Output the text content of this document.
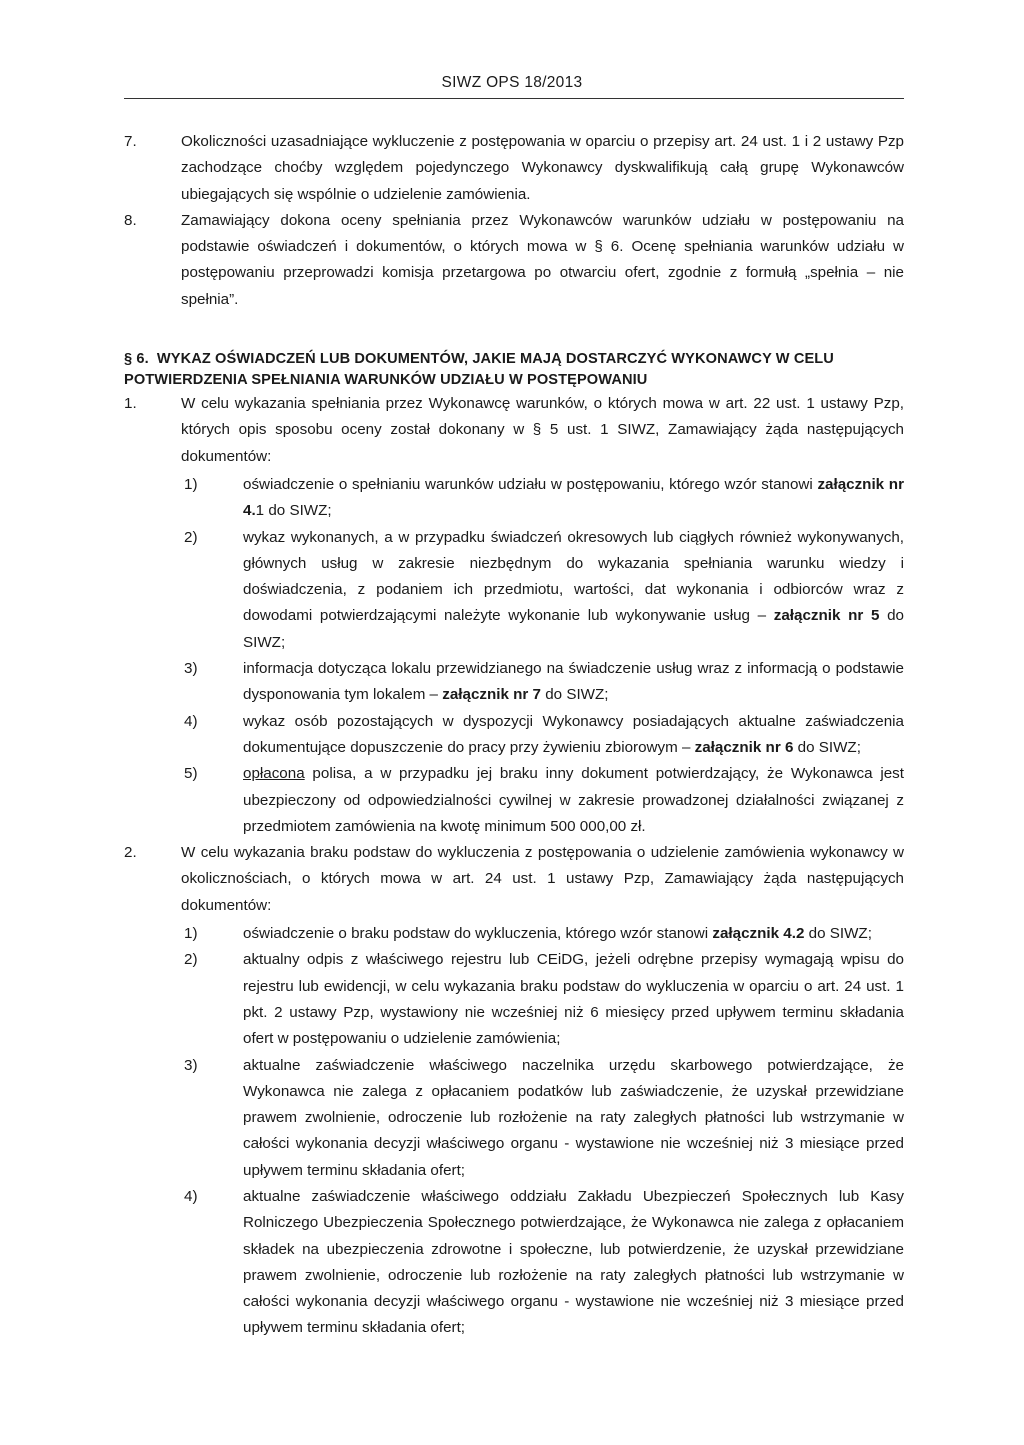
SIWZ OPS 18/2013
7.	Okoliczności uzasadniające wykluczenie z postępowania w oparciu o przepisy art. 24 ust. 1 i 2 ustawy Pzp zachodzące choćby względem pojedynczego Wykonawcy dyskwalifikują całą grupę Wykonawców ubiegających się wspólnie o udzielenie zamówienia.
8.	Zamawiający dokona oceny spełniania przez Wykonawców warunków udziału w postępowaniu na podstawie oświadczeń i dokumentów, o których mowa w § 6. Ocenę spełniania warunków udziału w postępowaniu przeprowadzi komisja przetargowa po otwarciu ofert, zgodnie z formułą „spełnia – nie spełnia”.
§ 6. WYKAZ OŚWIADCZEŃ LUB DOKUMENTÓW, JAKIE MAJĄ DOSTARCZYĆ WYKONAWCY W CELU POTWIERDZENIA SPEŁNIANIA WARUNKÓW UDZIAŁU W POSTĘPOWANIU
1.	W celu wykazania spełniania przez Wykonawcę warunków, o których mowa w art. 22 ust. 1 ustawy Pzp, których opis sposobu oceny został dokonany w § 5 ust. 1 SIWZ, Zamawiający żąda następujących dokumentów:
1)	oświadczenie o spełnianiu warunków udziału w postępowaniu, którego wzór stanowi załącznik nr 4.1 do SIWZ;
2)	wykaz wykonanych, a w przypadku świadczeń okresowych lub ciągłych również wykonywanych, głównych usług w zakresie niezbędnym do wykazania spełniania warunku wiedzy i doświadczenia, z podaniem ich przedmiotu, wartości, dat wykonania i odbiorców wraz z dowodami potwierdzającymi należyte wykonanie lub wykonywanie usług – załącznik nr 5 do SIWZ;
3)	informacja dotycząca lokalu przewidzianego na świadczenie usług wraz z informacją o podstawie dysponowania tym lokalem – załącznik nr 7 do SIWZ;
4)	wykaz osób pozostających w dyspozycji Wykonawcy posiadających aktualne zaświadczenia dokumentujące dopuszczenie do pracy przy żywieniu zbiorowym – załącznik nr 6 do SIWZ;
5)	opłacona polisa, a w przypadku jej braku inny dokument potwierdzający, że Wykonawca jest ubezpieczony od odpowiedzialności cywilnej w zakresie prowadzonej działalności związanej z przedmiotem zamówienia na kwotę minimum 500 000,00 zł.
2.	W celu wykazania braku podstaw do wykluczenia z postępowania o udzielenie zamówienia wykonawcy w okolicznościach, o których mowa w art. 24 ust. 1 ustawy Pzp, Zamawiający żąda następujących dokumentów:
1)	oświadczenie o braku podstaw do wykluczenia, którego wzór stanowi załącznik 4.2 do SIWZ;
2)	aktualny odpis z właściwego rejestru lub CEiDG, jeżeli odrębne przepisy wymagają wpisu do rejestru lub ewidencji, w celu wykazania braku podstaw do wykluczenia w oparciu o art. 24 ust. 1 pkt. 2 ustawy Pzp, wystawiony nie wcześniej niż 6 miesięcy przed upływem terminu składania ofert w postępowaniu o udzielenie zamówienia;
3)	aktualne zaświadczenie właściwego naczelnika urzędu skarbowego potwierdzające, że Wykonawca nie zalega z opłacaniem podatków lub zaświadczenie, że uzyskał przewidziane prawem zwolnienie, odroczenie lub rozłożenie na raty zaległych płatności lub wstrzymanie w całości wykonania decyzji właściwego organu - wystawione nie wcześniej niż 3 miesiące przed upływem terminu składania ofert;
4)	aktualne zaświadczenie właściwego oddziału Zakładu Ubezpieczeń Społecznych lub Kasy Rolniczego Ubezpieczenia Społecznego potwierdzające, że Wykonawca nie zalega z opłacaniem składek na ubezpieczenia zdrowotne i społeczne, lub potwierdzenie, że uzyskał przewidziane prawem zwolnienie, odroczenie lub rozłożenie na raty zaległych płatności lub wstrzymanie w całości wykonania decyzji właściwego organu - wystawione nie wcześniej niż 3 miesiące przed upływem terminu składania ofert;
